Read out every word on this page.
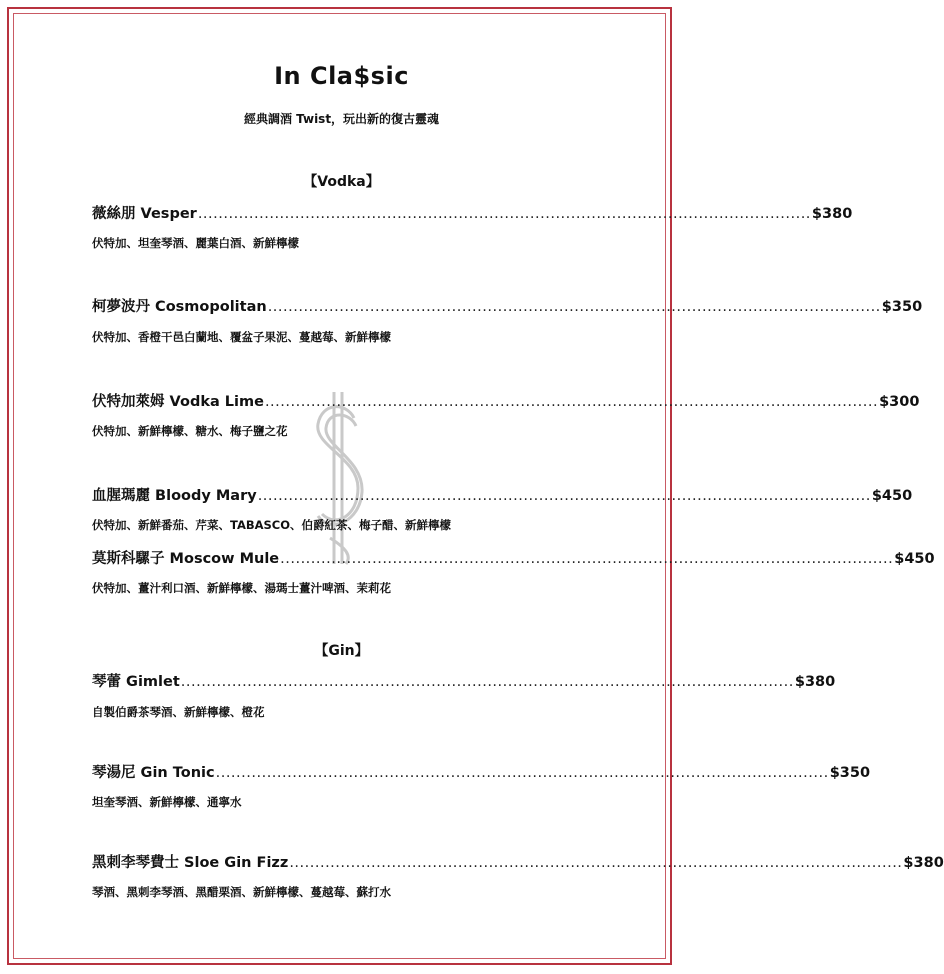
In Cla$sic
經典調酒 Twist，玩出新的復古靈魂
【Vodka】
薇絲朋 Vesper ........................................................................................................................ $380
伏特加、坦奎琴酒、麗葉白酒、新鮮檸檬
柯夢波丹 Cosmopolitan ........................................................................................................................ $350
伏特加、香橙干邑白蘭地、覆盆子果泥、蔓越莓、新鮮檸檬
伏特加萊姆 Vodka Lime ........................................................................................................................ $300
伏特加、新鮮檸檬、糖水、梅子鹽之花
血腥瑪麗 Bloody Mary ........................................................................................................................ $450
伏特加、新鮮番茄、芹菜、TABASCO、伯爵紅茶、梅子醋、新鮮檸檬
莫斯科騾子 Moscow Mule ........................................................................................................................ $450
伏特加、薑汁利口酒、新鮮檸檬、湯瑪士薑汁啤酒、茉莉花
【Gin】
琴蕾 Gimlet ........................................................................................................................ $380
自製伯爵茶琴酒、新鮮檸檬、橙花
琴湯尼 Gin Tonic ........................................................................................................................ $350
坦奎琴酒、新鮮檸檬、通寧水
黑刺李琴費士 Sloe Gin Fizz ........................................................................................................................ $380
琴酒、黑刺李琴酒、黑醋栗酒、新鮮檸檬、蔓越莓、蘇打水
